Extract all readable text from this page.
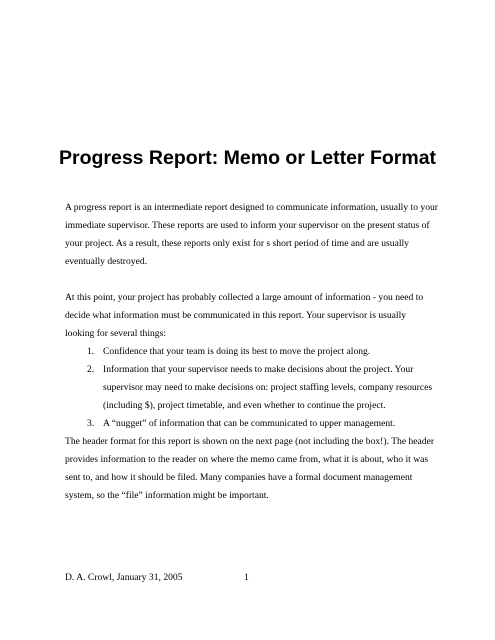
Progress Report: Memo or Letter Format

A progress report is an intermediate report designed to communicate information, usually to your
immediate supervisor. These reports are used to inform your supervisor on the present status of
your project. As a result, these reports only exist for s short period of time and are usually
eventually destroyed.

At this point, your project has probably collected a large amount of information - you need to
decide what information must be communicated in this report. Your supervisor is usually
looking for several things:

1. Confidence that your team is doing its best to move the project along.
2. Information that your supervisor needs to make decisions about the project. Your
supervisor may need to make decisions on: project staffing levels, company resources
(including $), project timetable, and even whether to continue the project.
3. A “nugget” of information that can be communicated to upper management.

The header format for this report is shown on the next page (not including the box!). The header
provides information to the reader on where the memo came from, what it is about, who it was
sent to, and how it should be filed. Many companies have a formal document management
system, so the “file” information might be important.

D. A. Crowl, January 31, 2005	1
